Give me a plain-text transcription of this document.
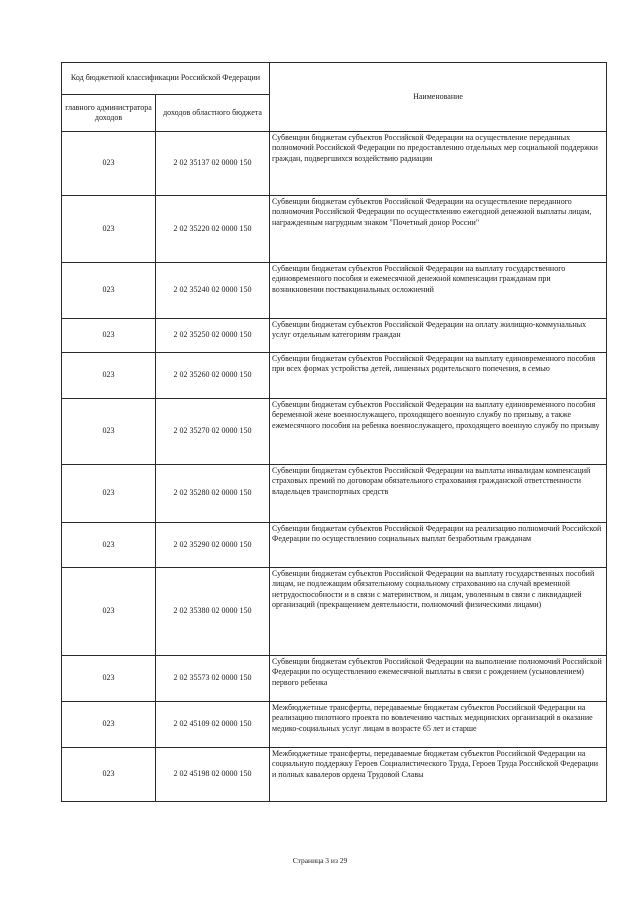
Код бюджетной классификации Российской Федерации		Наименование
главного администратора доходов	доходов областного бюджета	
023	2 02 35137 02 0000 150	Субвенции бюджетам субъектов Российской Федерации на осуществление переданных полномочий Российской Федерации по предоставлению отдельных мер социальной поддержки граждан, подвергшихся воздействию радиации
023	2 02 35220 02 0000 150	Субвенции бюджетам субъектов Российской Федерации на осуществление переданного полномочия Российской Федерации по осуществлению ежегодной денежной выплаты лицам, награжденным нагрудным знаком "Почетный донор России"
023	2 02 35240 02 0000 150	Субвенции бюджетам субъектов Российской Федерации на выплату государственного единовременного пособия и ежемесячной денежной компенсации гражданам при возникновении поствакцинальных осложнений
023	2 02 35250 02 0000 150	Субвенции бюджетам субъектов Российской Федерации на оплату жилищно-коммунальных услуг отдельным категориям граждан
023	2 02 35260 02 0000 150	Субвенции бюджетам субъектов Российской Федерации на выплату единовременного пособия при всех формах устройства детей, лишенных родительского попечения, в семью
023	2 02 35270 02 0000 150	Субвенции бюджетам субъектов Российской Федерации на выплату единовременного пособия беременной жене военнослужащего, проходящего военную службу по призыву, а также ежемесячного пособия на ребенка военнослужащего, проходящего военную службу по призыву
023	2 02 35280 02 0000 150	Субвенции бюджетам субъектов Российской Федерации на выплаты инвалидам компенсаций страховых премий по договорам обязательного страхования гражданской ответственности владельцев транспортных средств
023	2 02 35290 02 0000 150	Субвенции бюджетам субъектов Российской Федерации на реализацию полномочий Российской Федерации по осуществлению социальных выплат безработным гражданам
023	2 02 35380 02 0000 150	Субвенции бюджетам субъектов Российской Федерации на выплату государственных пособий лицам, не подлежащим обязательному социальному страхованию на случай временной нетрудоспособности и в связи с материнством, и лицам, уволенным в связи с ликвидацией организаций (прекращением деятельности, полномочий физическими лицами)
023	2 02 35573 02 0000 150	Субвенции бюджетам субъектов Российской Федерации на выполнение полномочий Российской Федерации по осуществлению ежемесячной выплаты в связи с рождением (усыновлением) первого ребенка
023	2 02 45109 02 0000 150	Межбюджетные трансферты, передаваемые бюджетам субъектов Российской Федерации на реализацию пилотного проекта по вовлечению частных медицинских организаций в оказание медико-социальных услуг лицам в возрасте 65 лет и старше
023	2 02 45198 02 0000 150	Межбюджетные трансферты, передаваемые бюджетам субъектов Российской Федерации на социальную поддержку Героев Социалистического Труда, Героев Труда Российской Федерации и полных кавалеров ордена Трудовой Славы
Страница 3 из 29
